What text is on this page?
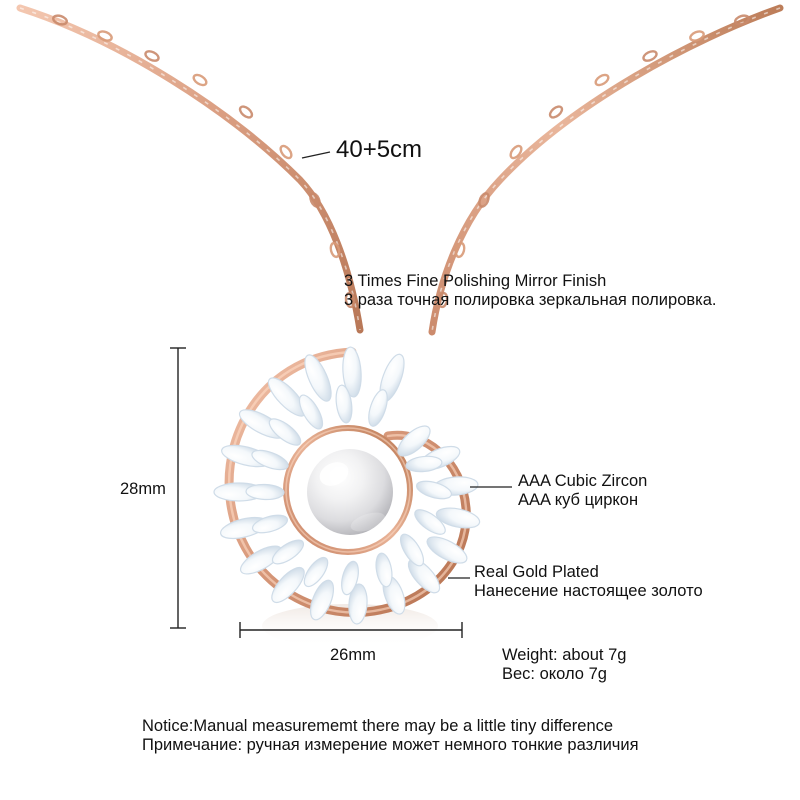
40+5cm
28mm
26mm
3 Times Fine Polishing Mirror Finish
3 раза точная полировка зеркальная полировка.
AAA Cubic Zircon
AAA куб циркон
Real Gold Plated
Нанесение настоящее золото
Weight: about 7g
Вес: около 7g
Notice:Manual measurememt there may be a little tiny difference
Примечание: ручная измерение может немного тонкие различия
